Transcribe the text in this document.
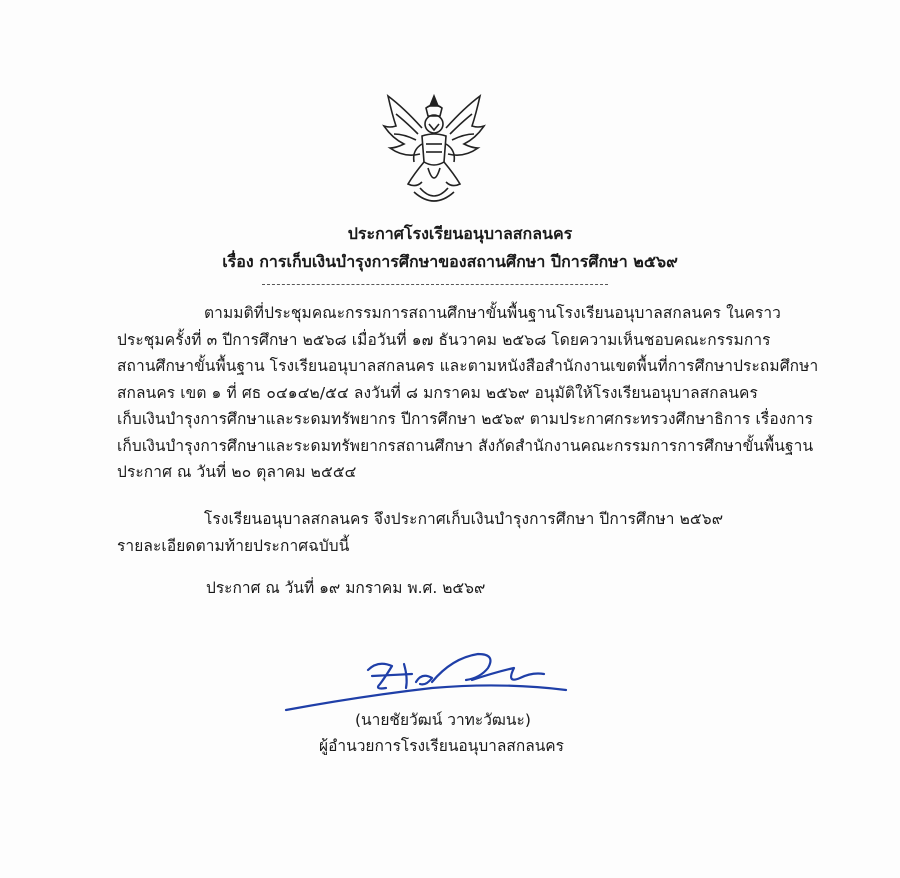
ประกาศโรงเรียนอนุบาลสกลนคร
เรื่อง การเก็บเงินบำรุงการศึกษาของสถานศึกษา ปีการศึกษา ๒๕๖๙
ตามมติที่ประชุมคณะกรรมการสถานศึกษาขั้นพื้นฐานโรงเรียนอนุบาลสกลนคร ในคราว
ประชุมครั้งที่ ๓ ปีการศึกษา ๒๕๖๘ เมื่อวันที่ ๑๗ ธันวาคม ๒๕๖๘ โดยความเห็นชอบคณะกรรมการ
สถานศึกษาขั้นพื้นฐาน โรงเรียนอนุบาลสกลนคร และตามหนังสือสำนักงานเขตพื้นที่การศึกษาประถมศึกษา
สกลนคร เขต ๑ ที่ ศธ ๐๔๑๔๒/๕๔ ลงวันที่ ๘ มกราคม ๒๕๖๙ อนุมัติให้โรงเรียนอนุบาลสกลนคร
เก็บเงินบำรุงการศึกษาและระดมทรัพยากร ปีการศึกษา ๒๕๖๙ ตามประกาศกระทรวงศึกษาธิการ เรื่องการ
เก็บเงินบำรุงการศึกษาและระดมทรัพยากรสถานศึกษา สังกัดสำนักงานคณะกรรมการการศึกษาขั้นพื้นฐาน
ประกาศ ณ วันที่ ๒๐ ตุลาคม ๒๕๕๔
โรงเรียนอนุบาลสกลนคร จึงประกาศเก็บเงินบำรุงการศึกษา ปีการศึกษา ๒๕๖๙
รายละเอียดตามท้ายประกาศฉบับนี้
ประกาศ ณ วันที่ ๑๙ มกราคม พ.ศ. ๒๕๖๙
(นายชัยวัฒน์ วาทะวัฒนะ)
ผู้อำนวยการโรงเรียนอนุบาลสกลนคร
